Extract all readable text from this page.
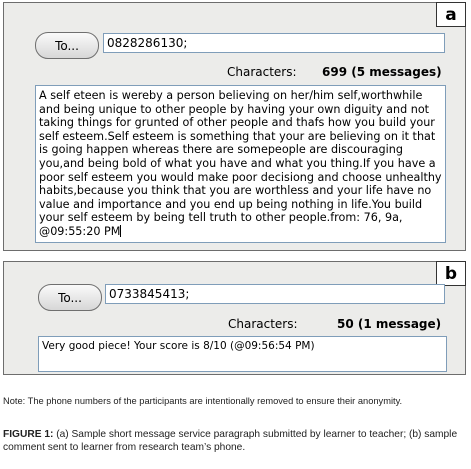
a
To...	0828286130;
Characters: 699 (5 messages)
A self eteen is wereby a person believing on her/him self,worthwhile and being unique to other people by having your own diguity and not taking things for grunted of other people and thafs how you build your self esteem.Self esteem is something that your are believing on it that is going happen whereas there are somepeople are discouraging you,and being bold of what you have and what you thing.If you have a poor self esteem you would make poor decisiong and choose unhealthy habits,because you think that you are worthless and your life have no value and importance and you end up being nothing in life.You build your self esteem by being tell truth to other people.from: 76, 9a, @09:55:20 PM
b
To...	0733845413;
Characters:	50 (1 message)
Very good piece! Your score is 8/10 (@09:56:54 PM)
Note: The phone numbers of the participants are intentionally removed to ensure their anonymity.
FIGURE 1: (a) Sample short message service paragraph submitted by learner to teacher; (b) sample comment sent to learner from research team’s phone.
